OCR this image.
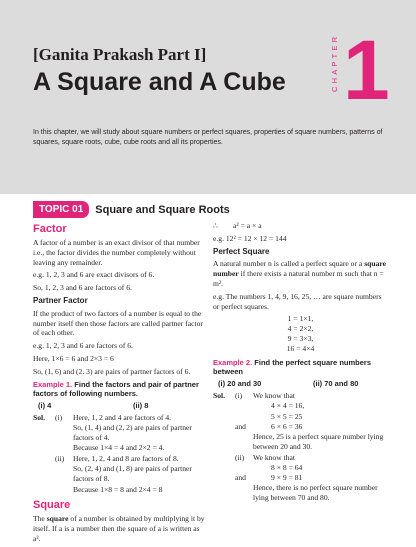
[Ganita Prakash Part I]
A Square and A Cube	CHAPTER 1
In this chapter, we will study about square numbers or perfect squares, properties of square numbers, patterns of squares, square roots, cube, cube roots and all its properties.
TOPIC 01	Square and Square Roots
Factor

A factor of a number is an exact divisor of that number i.e., the factor divides the number completely without leaving any remainder.

e.g. 1, 2, 3 and 6 are exact divisors of 6.

So, 1, 2, 3 and 6 are factors of 6.

Partner Factor

If the product of two factors of a number is equal to the number itself then those factors are called partner factor of each other.

e.g. 1, 2, 3 and 6 are factors of 6.

Here, 1×6 = 6 and 2×3 = 6

So, (1, 6) and (2, 3) are pairs of partner factors of 6.

Example 1. Find the factors and pair of partner factors of following numbers.
(i) 4	(ii) 8
Sol.	(i)	Here, 1, 2 and 4 are factors of 4.

So, (1, 4) and (2, 2) are pairs of partner factors of 4.

Because 1×4 = 4 and 2×2 = 4.

(ii)	Here, 1, 2, 4 and 8 are factors of 8.

So, (2, 4) and (1, 8) are pairs of partner factors of 8.

Because 1×8 = 8 and 2×4 = 8

Square

The square of a number is obtained by multiplying it by itself. If a is a number then the square of a is written as a².

∴        a² = a × a

e.g. 12² = 12 × 12 = 144

Perfect Square

A natural number n is called a perfect square or a square number if there exists a natural number m such that n = m².

e.g. The numbers 1, 4, 9, 16, 25, … are square numbers or perfect squares.

1 = 1×1,
4 = 2×2,
9 = 3×3,
16 = 4×4
Example 2. Find the perfect square numbers between
(i) 20 and 30	(ii) 70 and 80
Sol.	(i)	We know that

4 × 4 = 16,

5 × 5 = 25

and	6 × 6 = 36

Hence, 25 is a perfect square number lying between 20 and 30.

(ii)	We know that

8 × 8 = 64

and	9 × 9 = 81

Hence, there is no perfect square number lying between 70 and 80.
